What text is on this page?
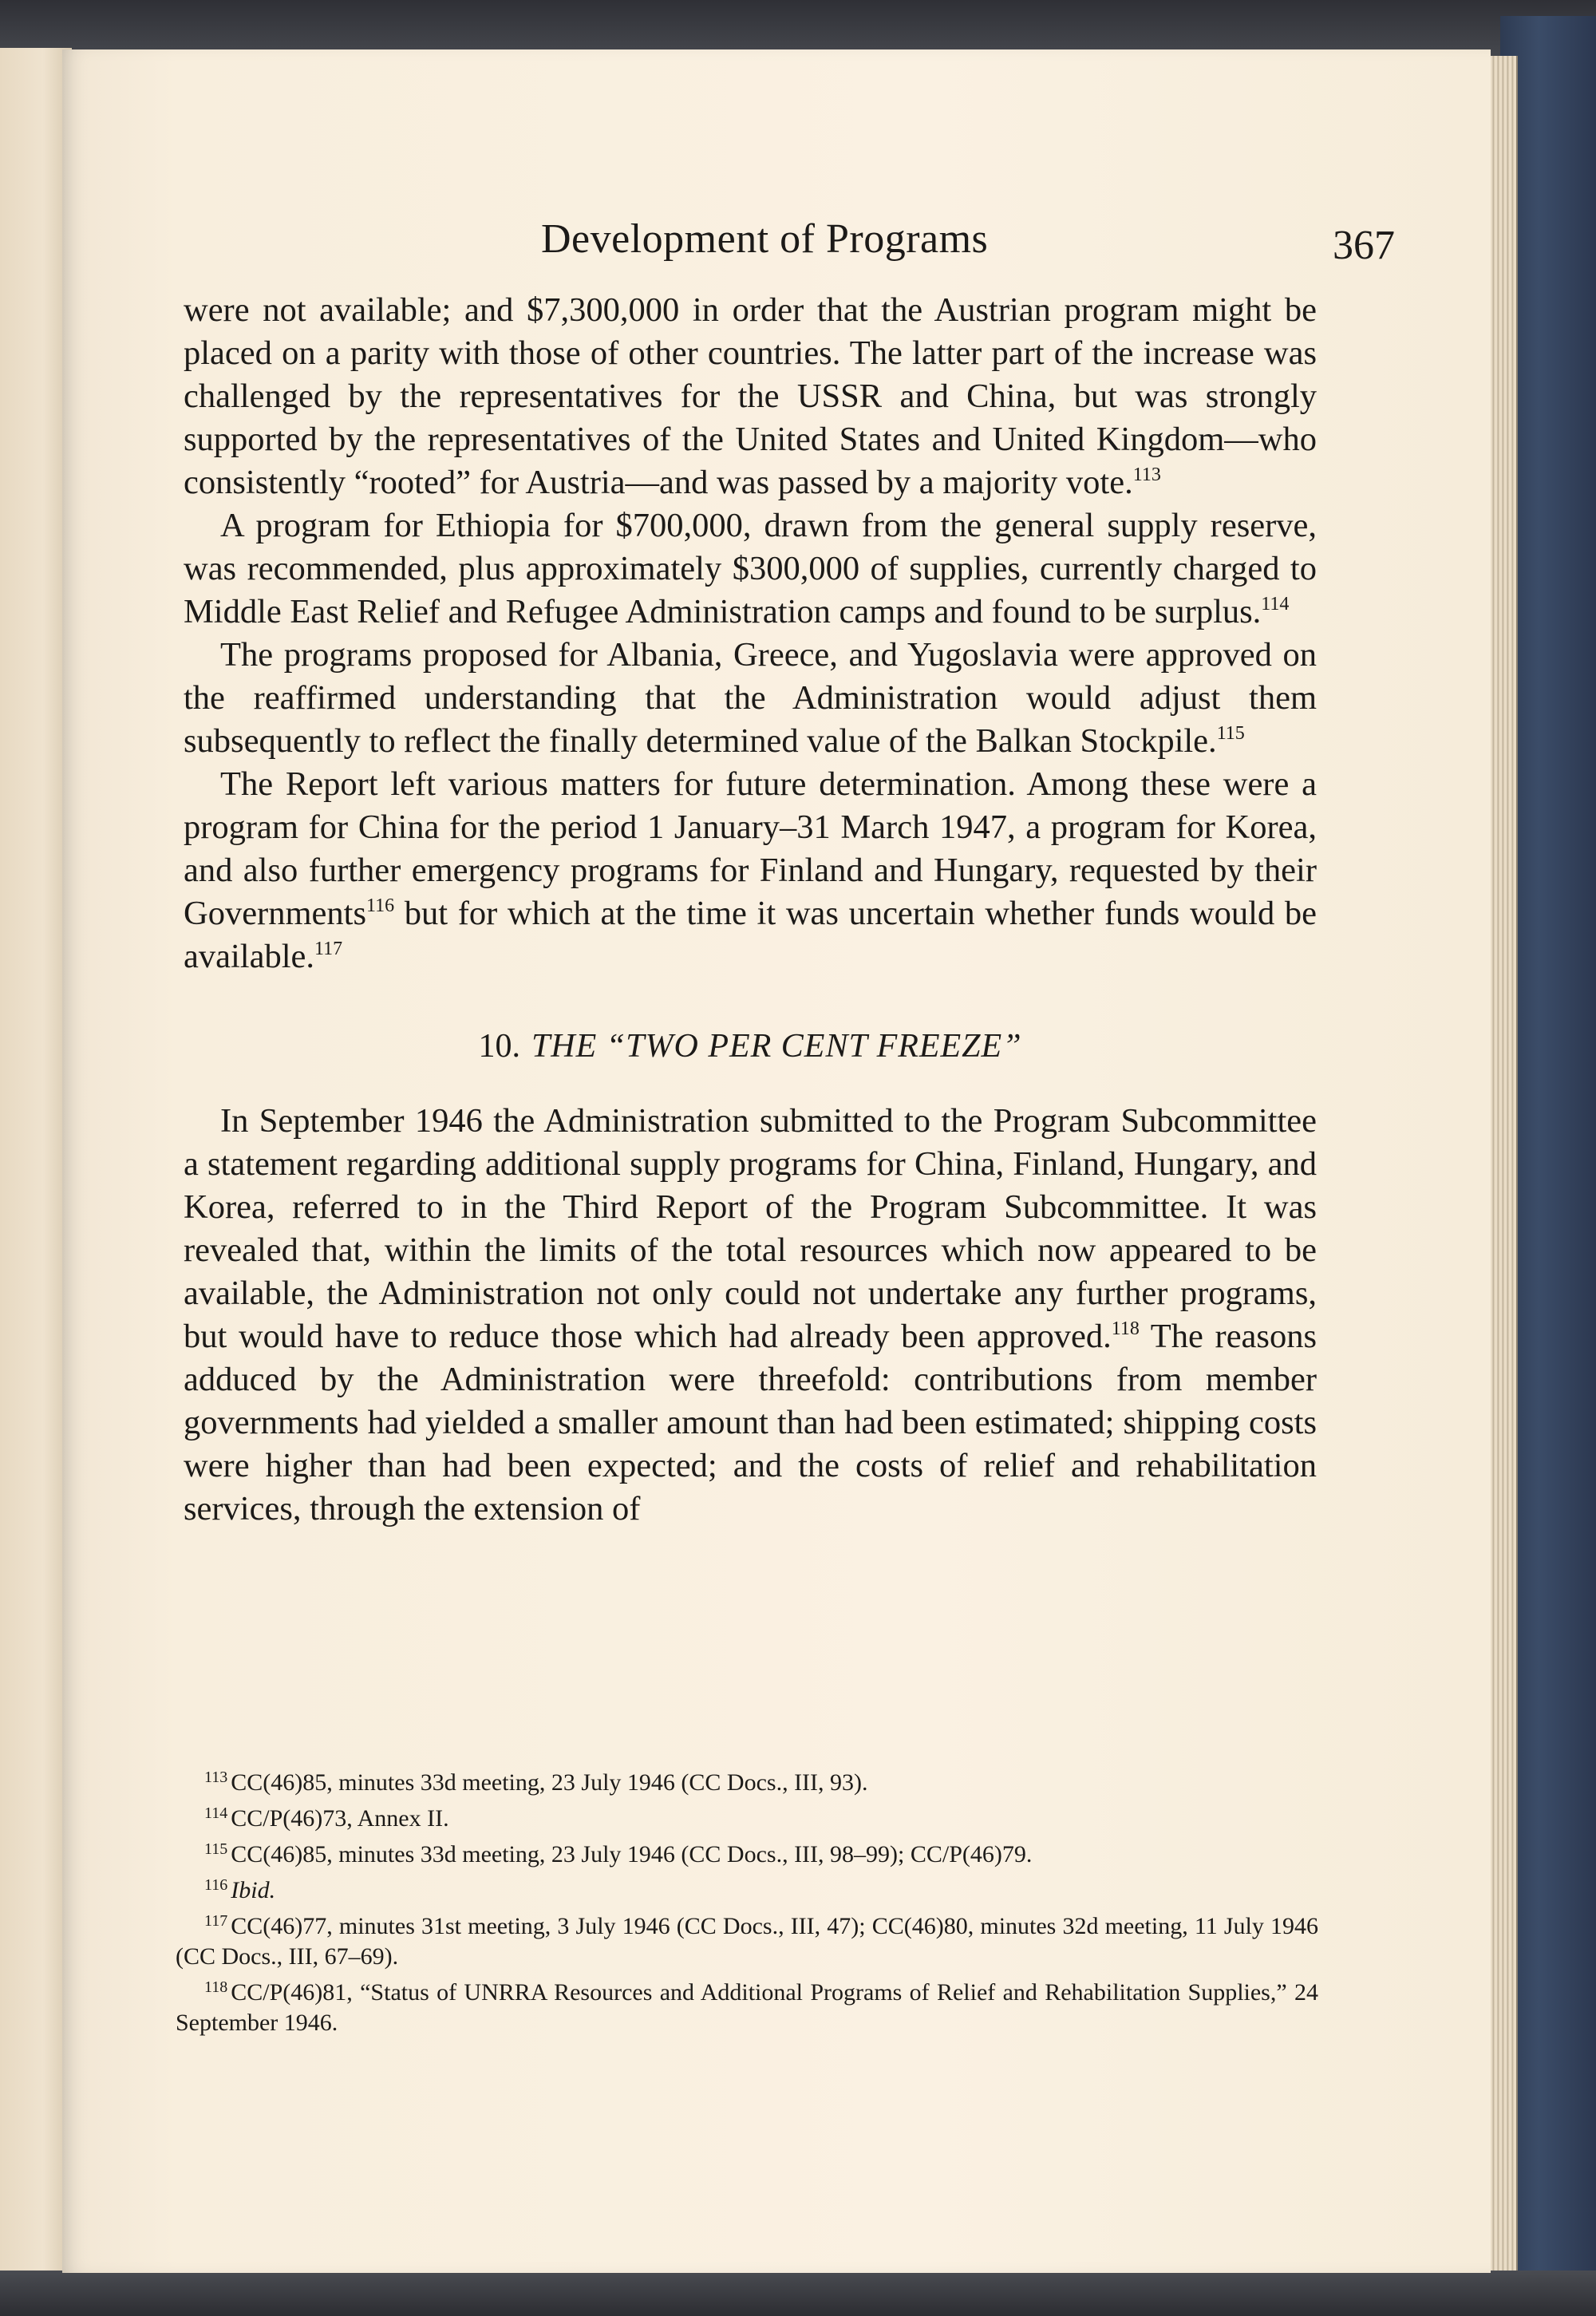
Development of Programs	367

were not available; and $7,300,000 in order that the Austrian program might be placed on a parity with those of other countries. The latter part of the increase was challenged by the representatives for the USSR and China, but was strongly supported by the representatives of the United States and United Kingdom—who consistently “rooted” for Austria—and was passed by a majority vote.$^{113}$

A program for Ethiopia for $700,000, drawn from the general supply reserve, was recommended, plus approximately $300,000 of supplies, currently charged to Middle East Relief and Refugee Administration camps and found to be surplus.$^{114}$

The programs proposed for Albania, Greece, and Yugoslavia were approved on the reaffirmed understanding that the Administration would adjust them subsequently to reflect the finally determined value of the Balkan Stockpile.$^{115}$

The Report left various matters for future determination. Among these were a program for China for the period 1 January–31 March 1947, a program for Korea, and also further emergency programs for Finland and Hungary, requested by their Governments$^{116}$ but for which at the time it was uncertain whether funds would be available.$^{117}$

10. THE “TWO PER CENT FREEZE”

In September 1946 the Administration submitted to the Program Subcommittee a statement regarding additional supply programs for China, Finland, Hungary, and Korea, referred to in the Third Report of the Program Subcommittee. It was revealed that, within the limits of the total resources which now appeared to be available, the Administration not only could not undertake any further programs, but would have to reduce those which had already been approved.$^{118}$ The reasons adduced by the Administration were threefold: contributions from member governments had yielded a smaller amount than had been estimated; shipping costs were higher than had been expected; and the costs of relief and rehabilitation services, through the extension of

$^{113}$ CC(46)85, minutes 33d meeting, 23 July 1946 (CC Docs., III, 93).

$^{114}$ CC/P(46)73, Annex II.

$^{115}$ CC(46)85, minutes 33d meeting, 23 July 1946 (CC Docs., III, 98–99); CC/P(46)79.

$^{116}$ Ibid.

$^{117}$ CC(46)77, minutes 31st meeting, 3 July 1946 (CC Docs., III, 47); CC(46)80, minutes 32d meeting, 11 July 1946 (CC Docs., III, 67–69).

$^{118}$ CC/P(46)81, “Status of UNRRA Resources and Additional Programs of Relief and Rehabilitation Supplies,” 24 September 1946.
